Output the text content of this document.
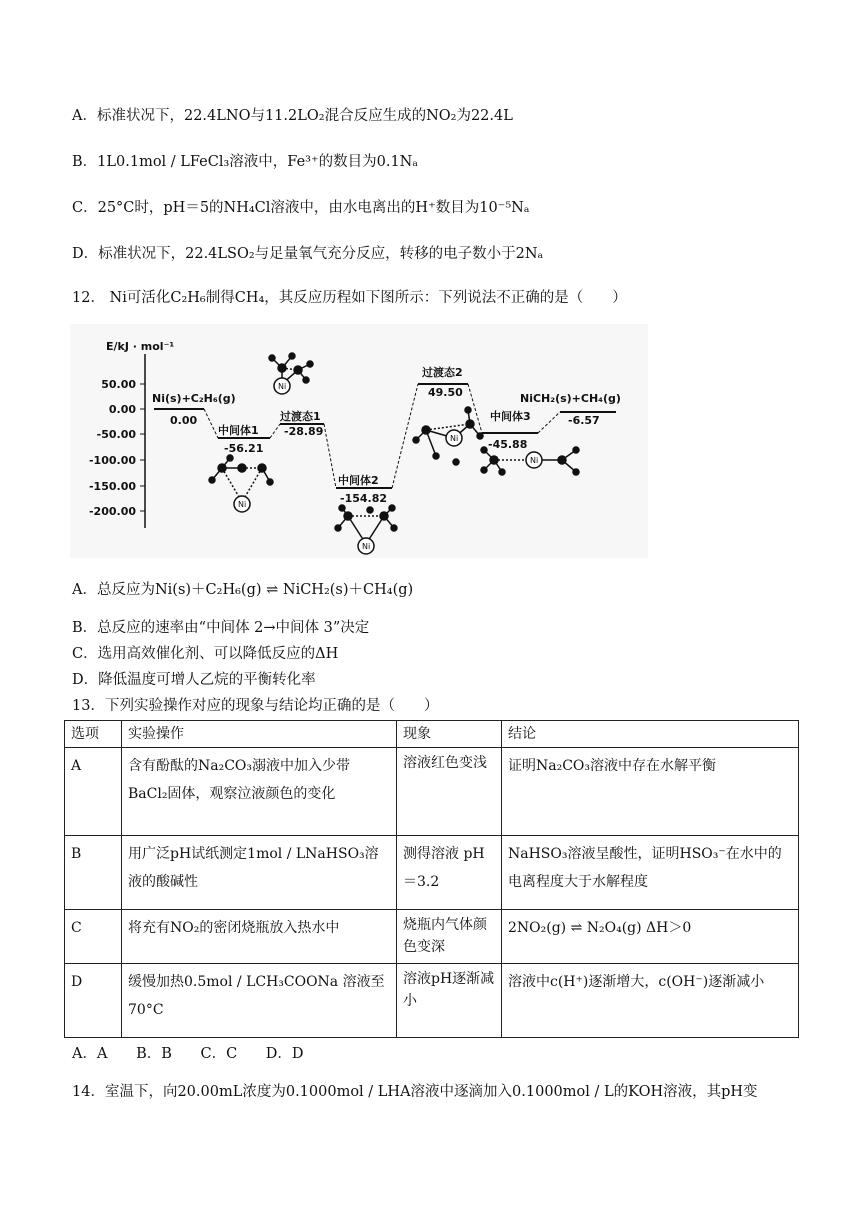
A．标准状况下，22.4LNO与11.2LO₂混合反应生成的NO₂为22.4L
B．1L0.1mol / LFeCl₃溶液中，Fe³⁺的数目为0.1Nₐ
C．25°C时，pH＝5的NH₄Cl溶液中，由水电离出的H⁺数目为10⁻⁵Nₐ
D．标准状况下，22.4LSO₂与足量氧气充分反应，转移的电子数小于2Nₐ
12． Ni可活化C₂H₆制得CH₄，其反应历程如下图所示：下列说法不正确的是（　　）
E/kJ · mol⁻¹
50.00
0.00
-50.00
-100.00
-150.00
-200.00
Ni(s)+C₂H₆(g)
0.00
中间体1
-56.21
过渡态1
-28.89
中间体2
-154.82
过渡态2
49.50
中间体3
-45.88
NiCH₂(s)+CH₄(g)
-6.57
Ni
Ni
Ni
Ni
Ni
A．总反应为Ni(s)＋C₂H₆(g) ⇌ NiCH₂(s)＋CH₄(g)
B．总反应的速率由“中间体 2→中间体 3”决定
C．选用高效催化剂、可以降低反应的ΔH
D．降低温度可增人乙烷的平衡转化率
13．下列实验操作对应的现象与结论均正确的是（　　）
选项	实验操作	现象	结论
A	含有酚酞的Na₂CO₃溺液中加入少带 BaCl₂固体，观察泣液颜色的变化	溶液红色变浅	证明Na₂CO₃溶液中存在水解平衡
B	用广泛pH试纸测定1mol / LNaHSO₃溶液的酸碱性	测得溶液 pH＝3.2	NaHSO₃溶液呈酸性，证明HSO₃⁻在水中的电离程度大于水解程度
C	将充有NO₂的密闭烧瓶放入热水中	烧瓶内气体颜色变深	2NO₂(g) ⇌ N₂O₄(g) ΔH＞0
D	缓慢加热0.5mol / LCH₃COONa 溶液至70°C	溶液pH逐渐减小	溶液中c(H⁺)逐渐增大，c(OH⁻)逐渐减小
A．A B．B C．C D．D
14．室温下，向20.00mL浓度为0.1000mol / LHA溶液中逐滴加入0.1000mol / L的KOH溶液，其pH变
